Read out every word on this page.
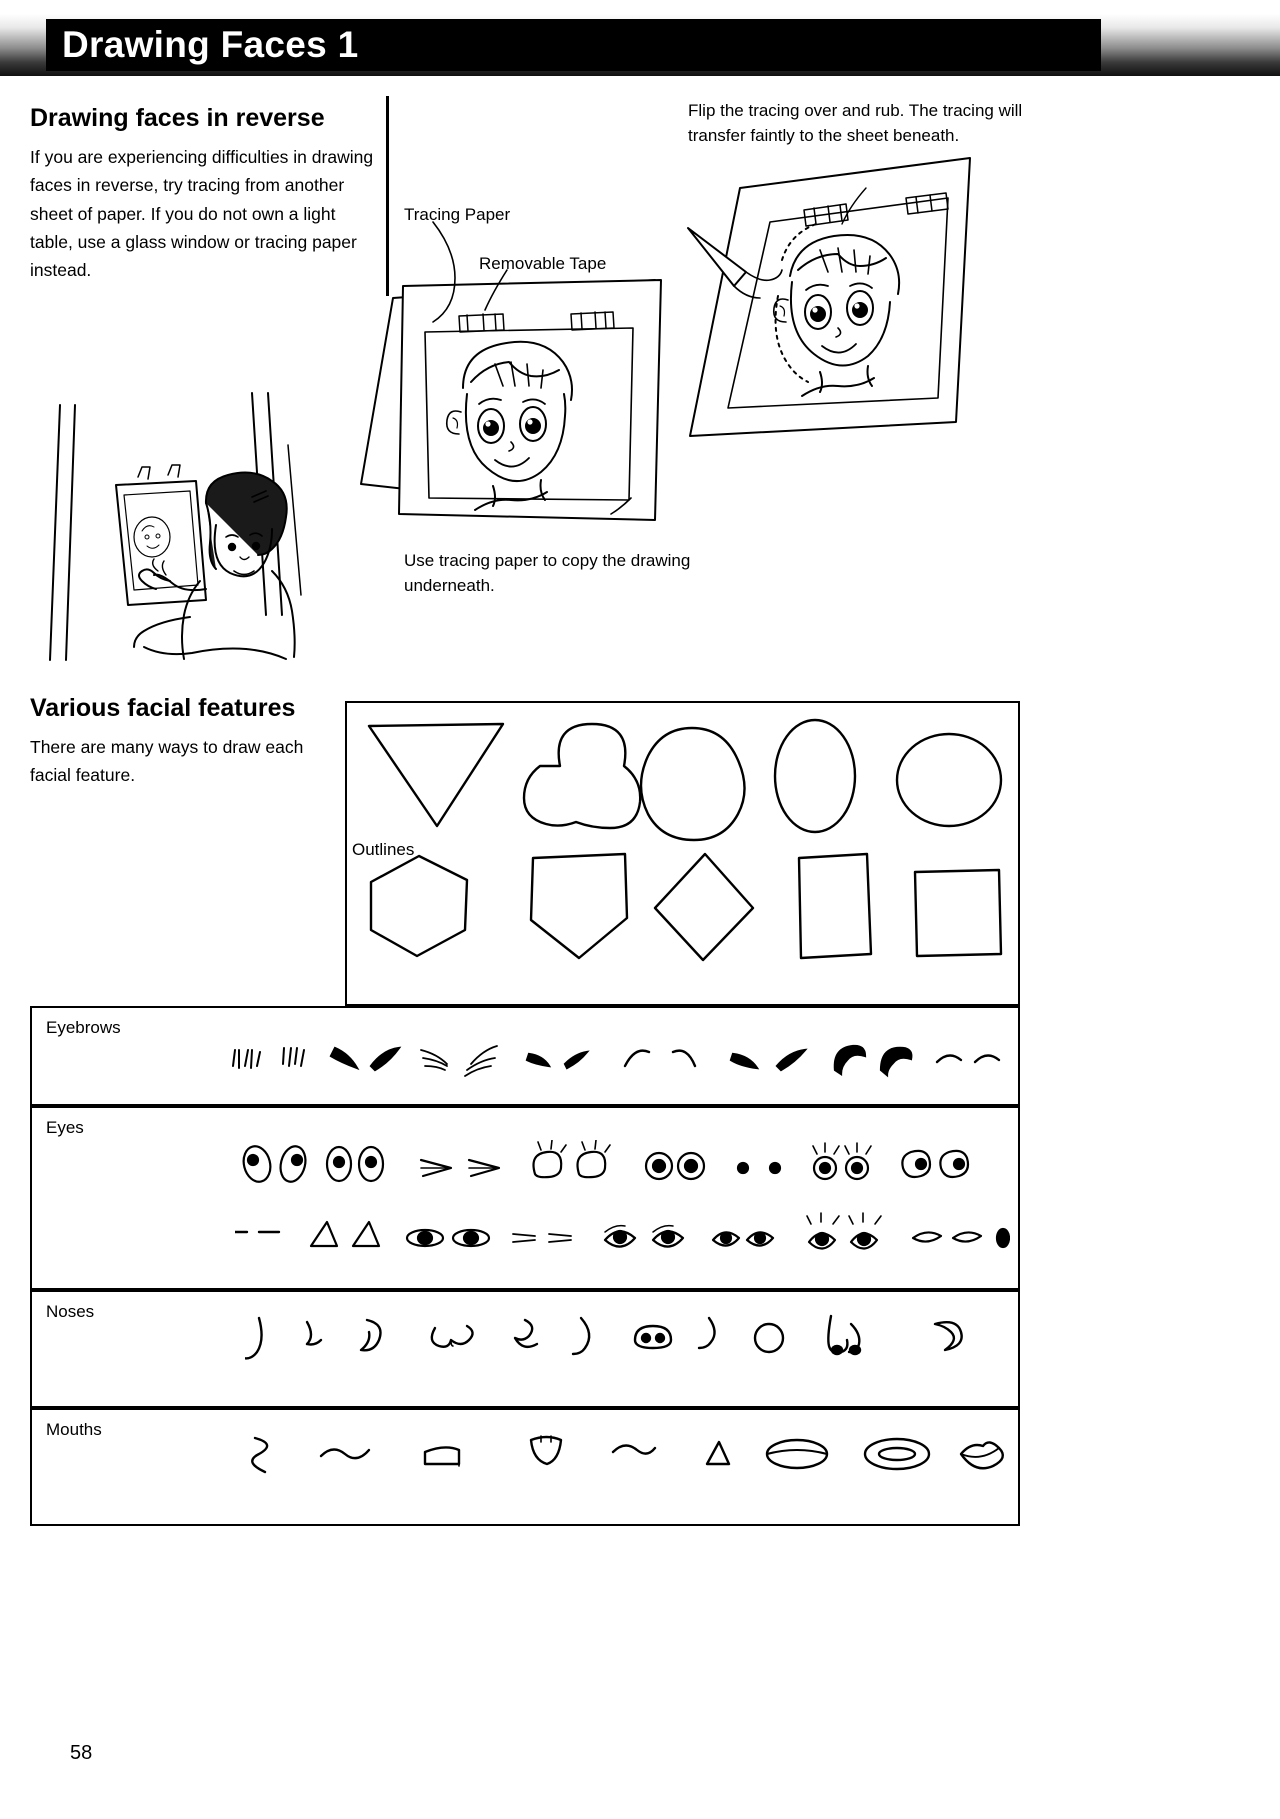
Drawing Faces 1
Drawing faces in reverse
If you are experiencing difficulties in drawing faces in reverse, try tracing from another sheet of paper. If you do not own a light table, use a glass window or tracing paper instead.
Tracing Paper
Removable Tape
Flip the tracing over and rub. The tracing will transfer faintly to the sheet beneath.
Use tracing paper to copy the drawing underneath.
Various facial features
There are many ways to draw each facial feature.
Outlines
Eyebrows
Eyes
Noses
Mouths
58
